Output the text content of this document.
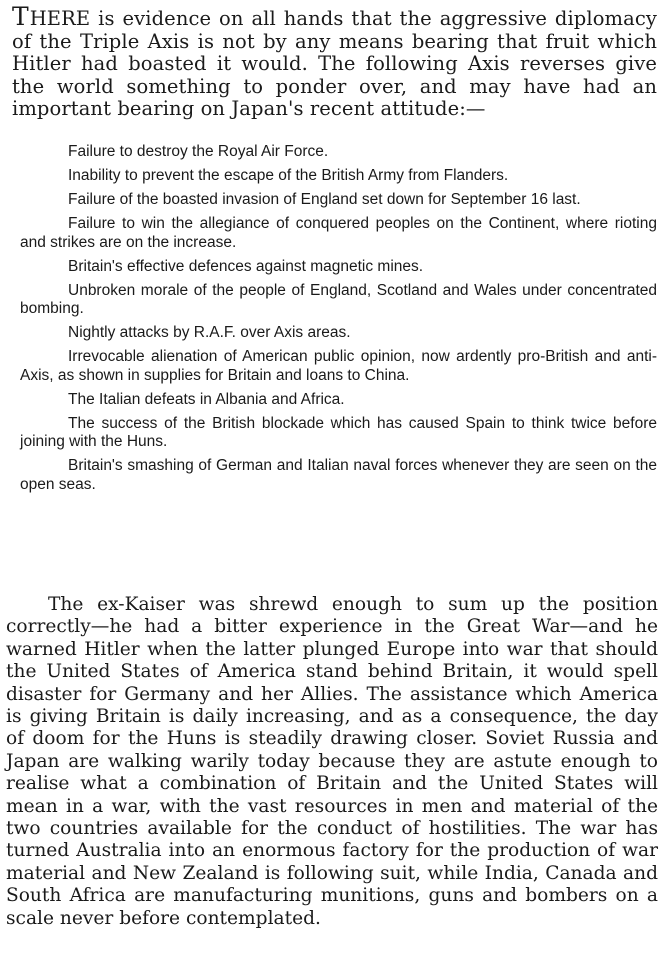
THERE is evidence on all hands that the aggressive diplomacy of the Triple Axis is not by any means bearing that fruit which Hitler had boasted it would. The following Axis reverses give the world something to ponder over, and may have had an important bearing on Japan's recent attitude:—

Failure to destroy the Royal Air Force.
Inability to prevent the escape of the British Army from Flanders.
Failure of the boasted invasion of England set down for September 16 last.
Failure to win the allegiance of conquered peoples on the Continent, where rioting and strikes are on the increase.
Britain's effective defences against magnetic mines.
Unbroken morale of the people of England, Scotland and Wales under concentrated bombing.
Nightly attacks by R.A.F. over Axis areas.
Irrevocable alienation of American public opinion, now ardently pro-British and anti-Axis, as shown in supplies for Britain and loans to China.
The Italian defeats in Albania and Africa.
The success of the British blockade which has caused Spain to think twice before joining with the Huns.
Britain's smashing of German and Italian naval forces whenever they are seen on the open seas.

The ex-Kaiser was shrewd enough to sum up the position correctly—he had a bitter experience in the Great War—and he warned Hitler when the latter plunged Europe into war that should the United States of America stand behind Britain, it would spell disaster for Germany and her Allies. The assistance which America is giving Britain is daily increasing, and as a consequence, the day of doom for the Huns is steadily drawing closer. Soviet Russia and Japan are walking warily today because they are astute enough to realise what a combination of Britain and the United States will mean in a war, with the vast resources in men and material of the two countries available for the conduct of hostilities. The war has turned Australia into an enormous factory for the production of war material and New Zealand is following suit, while India, Canada and South Africa are manufacturing munitions, guns and bombers on a scale never before contemplated.
